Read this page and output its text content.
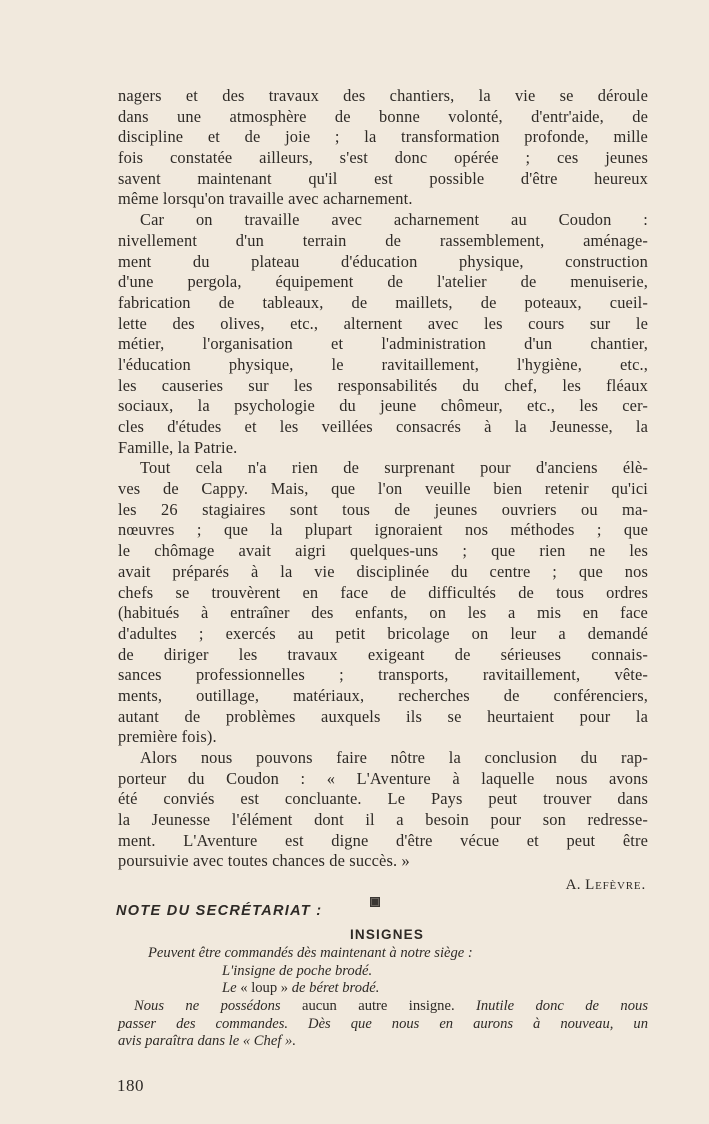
nagers et des travaux des chantiers, la vie se déroule
dans une atmosphère de bonne volonté, d'entr'aide, de
discipline et de joie ; la transformation profonde, mille
fois constatée ailleurs, s'est donc opérée ; ces jeunes
savent maintenant qu'il est possible d'être heureux
même lorsqu'on travaille avec acharnement.
Car on travaille avec acharnement au Coudon :
nivellement d'un terrain de rassemblement, aménage-
ment du plateau d'éducation physique, construction
d'une pergola, équipement de l'atelier de menuiserie,
fabrication de tableaux, de maillets, de poteaux, cueil-
lette des olives, etc., alternent avec les cours sur le
métier, l'organisation et l'administration d'un chantier,
l'éducation physique, le ravitaillement, l'hygiène, etc.,
les causeries sur les responsabilités du chef, les fléaux
sociaux, la psychologie du jeune chômeur, etc., les cer-
cles d'études et les veillées consacrés à la Jeunesse, la
Famille, la Patrie.
Tout cela n'a rien de surprenant pour d'anciens élè-
ves de Cappy. Mais, que l'on veuille bien retenir qu'ici
les 26 stagiaires sont tous de jeunes ouvriers ou ma-
nœuvres ; que la plupart ignoraient nos méthodes ; que
le chômage avait aigri quelques-uns ; que rien ne les
avait préparés à la vie disciplinée du centre ; que nos
chefs se trouvèrent en face de difficultés de tous ordres
(habitués à entraîner des enfants, on les a mis en face
d'adultes ; exercés au petit bricolage on leur a demandé
de diriger les travaux exigeant de sérieuses connais-
sances professionnelles ; transports, ravitaillement, vête-
ments, outillage, matériaux, recherches de conférenciers,
autant de problèmes auxquels ils se heurtaient pour la
première fois).
Alors nous pouvons faire nôtre la conclusion du rap-
porteur du Coudon : « L'Aventure à laquelle nous avons
été conviés est concluante. Le Pays peut trouver dans
la Jeunesse l'élément dont il a besoin pour son redresse-
ment. L'Aventure est digne d'être vécue et peut être
poursuivie avec toutes chances de succès. »
A. Lefèvre.
NOTE DU SECRÉTARIAT :
INSIGNES
Peuvent être commandés dès maintenant à notre siège :
L'insigne de poche brodé.
Le « loup » de béret brodé.
Nous ne possédons aucun autre insigne. Inutile donc de nous
passer des commandes. Dès que nous en aurons à nouveau, un
avis paraîtra dans le « Chef ».
180
